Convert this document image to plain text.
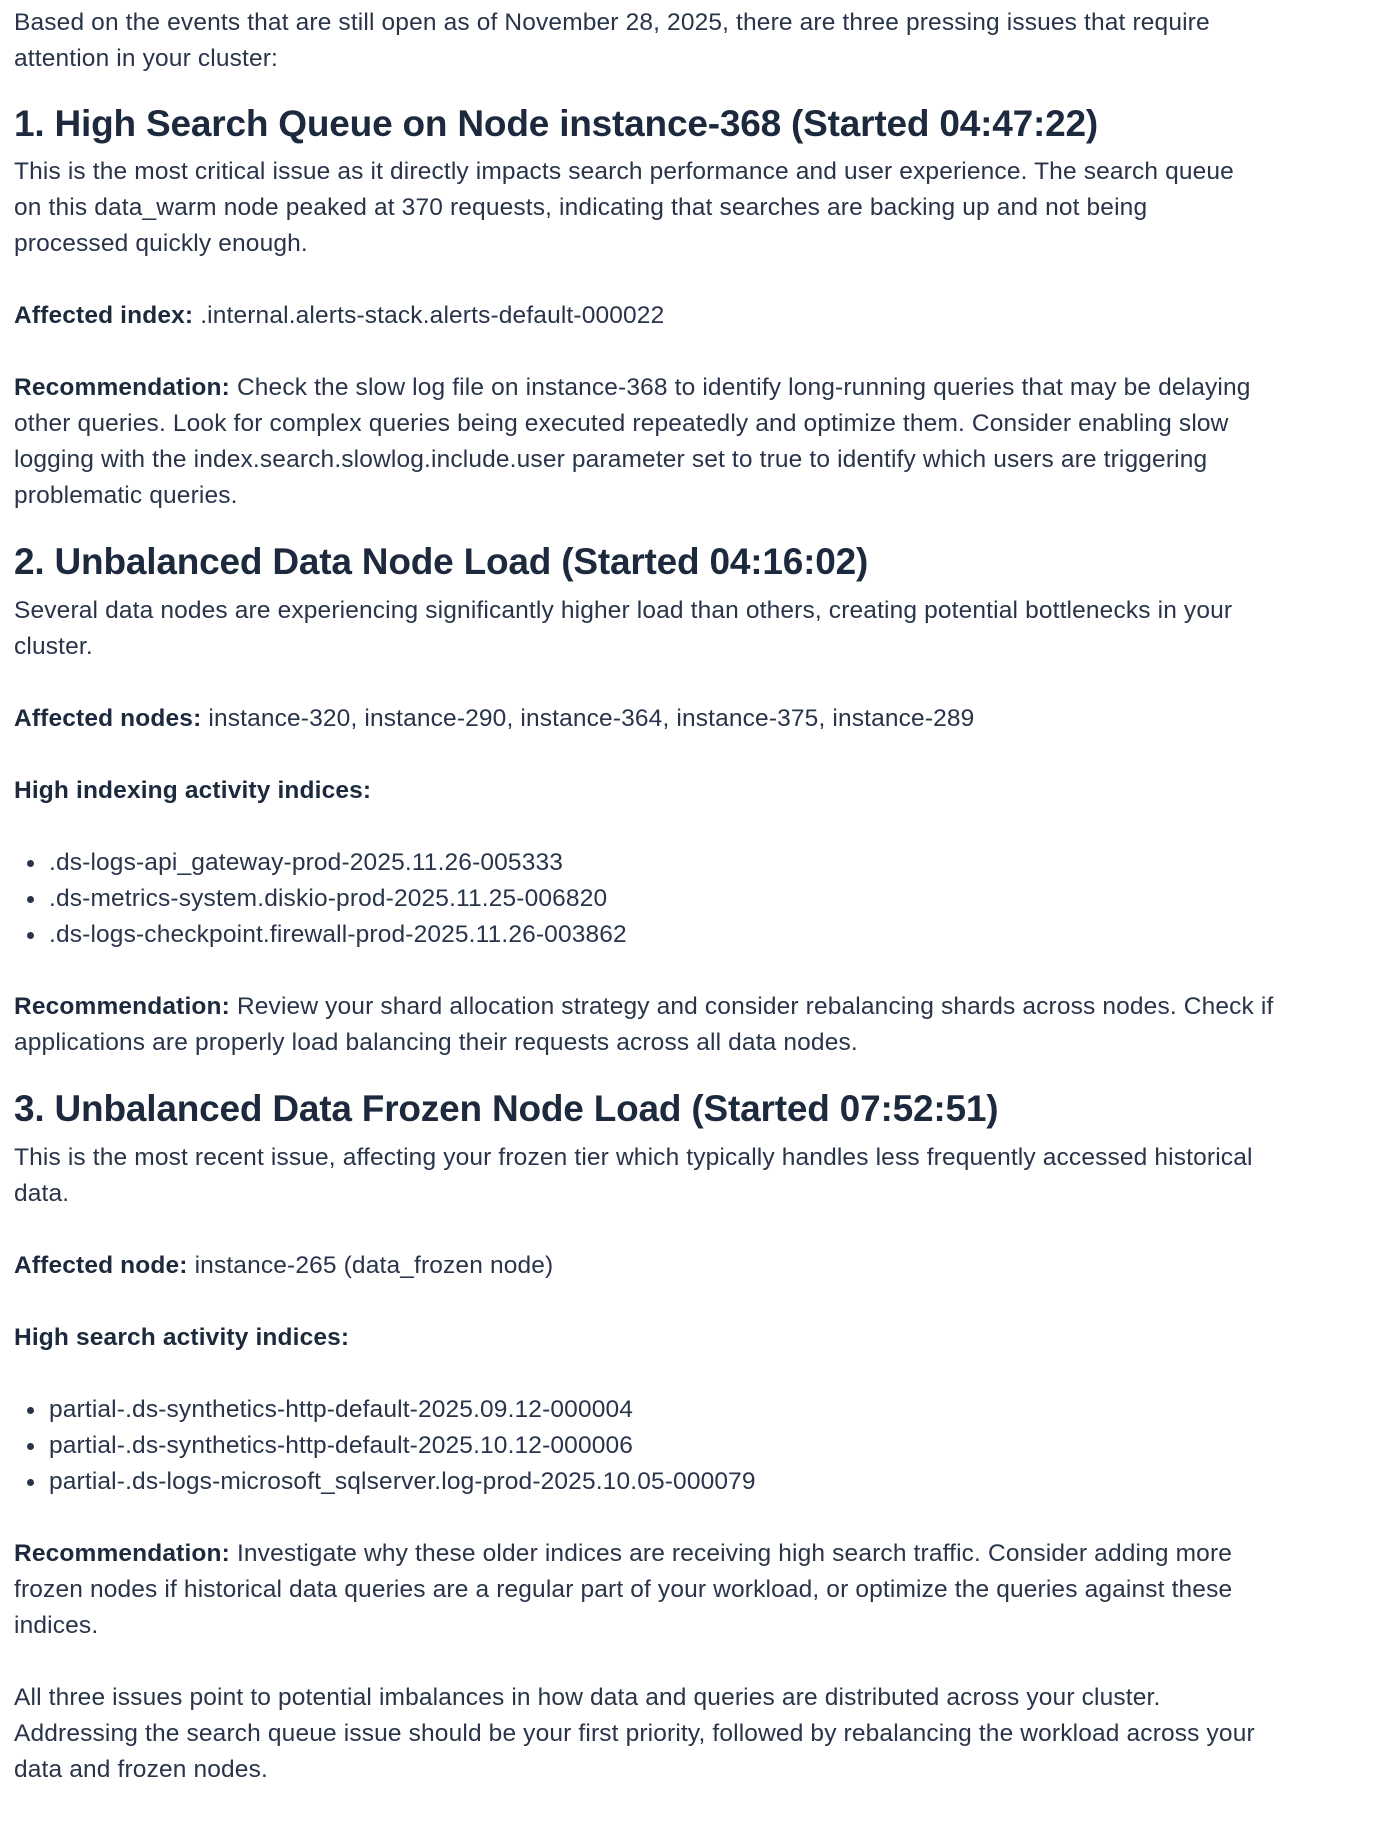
Based on the events that are still open as of November 28, 2025, there are three pressing issues that require
attention in your cluster:
1. High Search Queue on Node instance-368 (Started 04:47:22)
This is the most critical issue as it directly impacts search performance and user experience. The search queue
on this data_warm node peaked at 370 requests, indicating that searches are backing up and not being
processed quickly enough.
Affected index: .internal.alerts-stack.alerts-default-000022
Recommendation: Check the slow log file on instance-368 to identify long-running queries that may be delaying
other queries. Look for complex queries being executed repeatedly and optimize them. Consider enabling slow
logging with the index.search.slowlog.include.user parameter set to true to identify which users are triggering
problematic queries.
2. Unbalanced Data Node Load (Started 04:16:02)
Several data nodes are experiencing significantly higher load than others, creating potential bottlenecks in your
cluster.
Affected nodes: instance-320, instance-290, instance-364, instance-375, instance-289
High indexing activity indices:
.ds-logs-api_gateway-prod-2025.11.26-005333
.ds-metrics-system.diskio-prod-2025.11.25-006820
.ds-logs-checkpoint.firewall-prod-2025.11.26-003862
Recommendation: Review your shard allocation strategy and consider rebalancing shards across nodes. Check if
applications are properly load balancing their requests across all data nodes.
3. Unbalanced Data Frozen Node Load (Started 07:52:51)
This is the most recent issue, affecting your frozen tier which typically handles less frequently accessed historical
data.
Affected node: instance-265 (data_frozen node)
High search activity indices:
partial-.ds-synthetics-http-default-2025.09.12-000004
partial-.ds-synthetics-http-default-2025.10.12-000006
partial-.ds-logs-microsoft_sqlserver.log-prod-2025.10.05-000079
Recommendation: Investigate why these older indices are receiving high search traffic. Consider adding more
frozen nodes if historical data queries are a regular part of your workload, or optimize the queries against these
indices.
All three issues point to potential imbalances in how data and queries are distributed across your cluster.
Addressing the search queue issue should be your first priority, followed by rebalancing the workload across your
data and frozen nodes.
